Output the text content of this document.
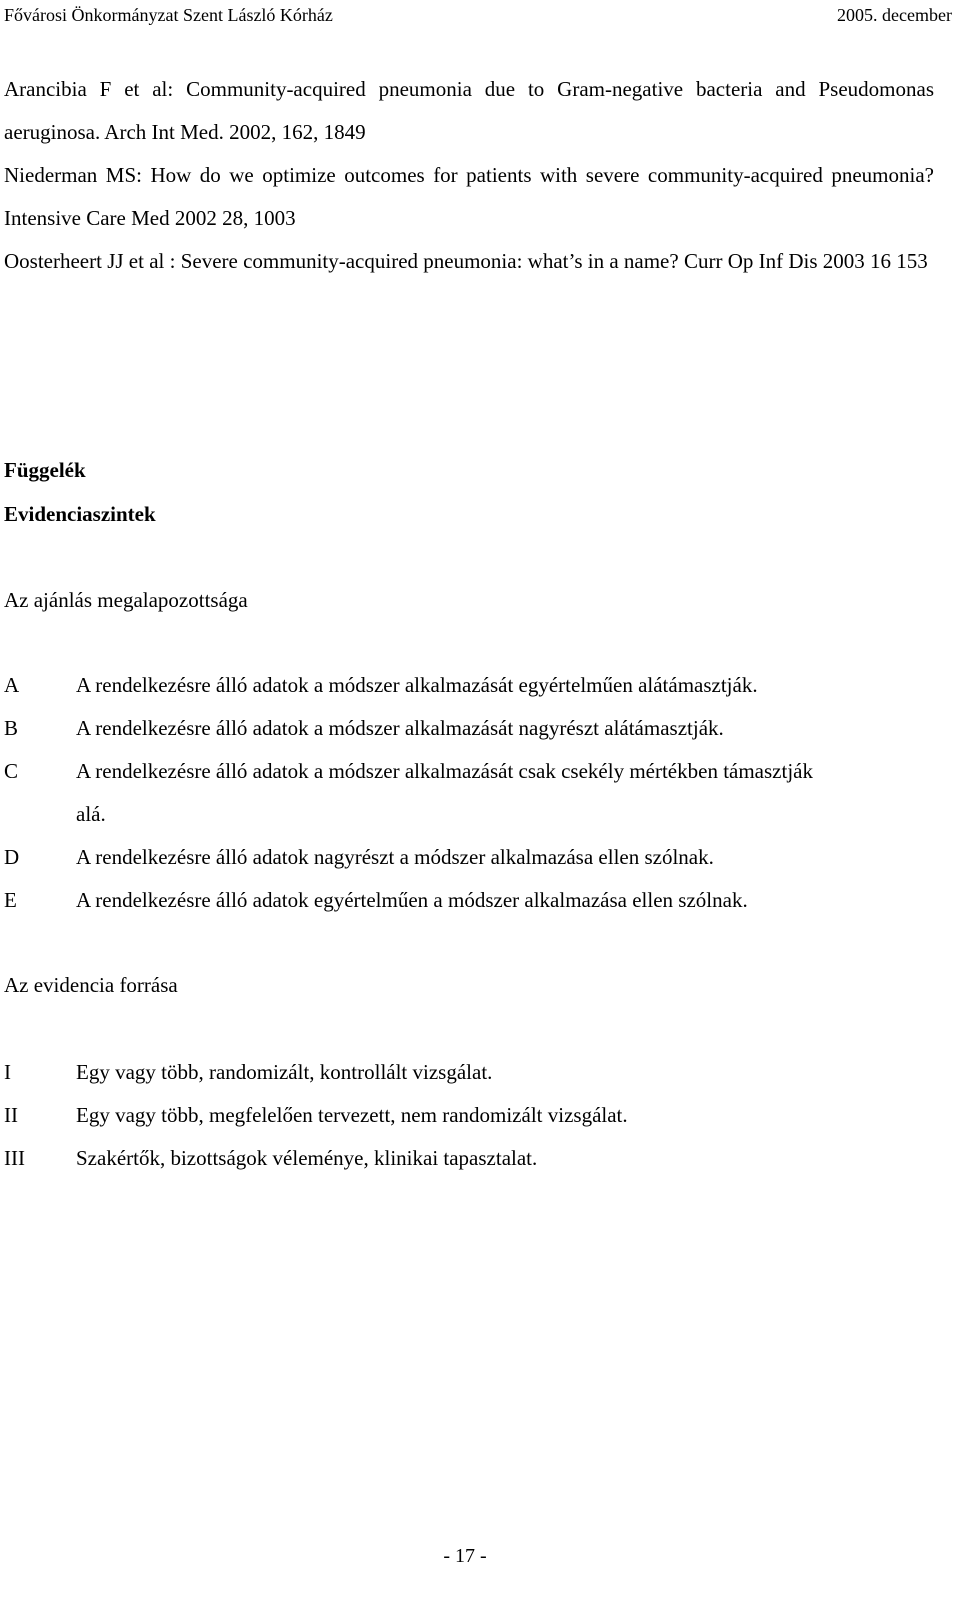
Fővárosi Önkormányzat Szent László Kórház	2005. december

Arancibia F et al: Community-acquired pneumonia due to Gram-negative bacteria and Pseudomonas aeruginosa. Arch Int Med. 2002, 162, 1849

Niederman MS: How do we optimize outcomes for patients with severe community-acquired pneumonia? Intensive Care Med 2002 28, 1003

Oosterheert JJ et al : Severe community-acquired pneumonia: what’s in a name? Curr Op Inf Dis 2003 16 153

Függelék
Evidenciaszintek
Az ajánlás megalapozottsága
A	A rendelkezésre álló adatok a módszer alkalmazását egyértelműen alátámasztják.
B	A rendelkezésre álló adatok a módszer alkalmazását nagyrészt alátámasztják.
C	A rendelkezésre álló adatok a módszer alkalmazását csak csekély mértékben támasztják alá.
D	A rendelkezésre álló adatok nagyrészt a módszer alkalmazása ellen szólnak.
E	A rendelkezésre álló adatok egyértelműen a módszer alkalmazása ellen szólnak.
Az evidencia forrása
I	Egy vagy több, randomizált, kontrollált vizsgálat.
II	Egy vagy több, megfelelően tervezett, nem randomizált vizsgálat.
III	Szakértők, bizottságok véleménye, klinikai tapasztalat.
- 17 -
